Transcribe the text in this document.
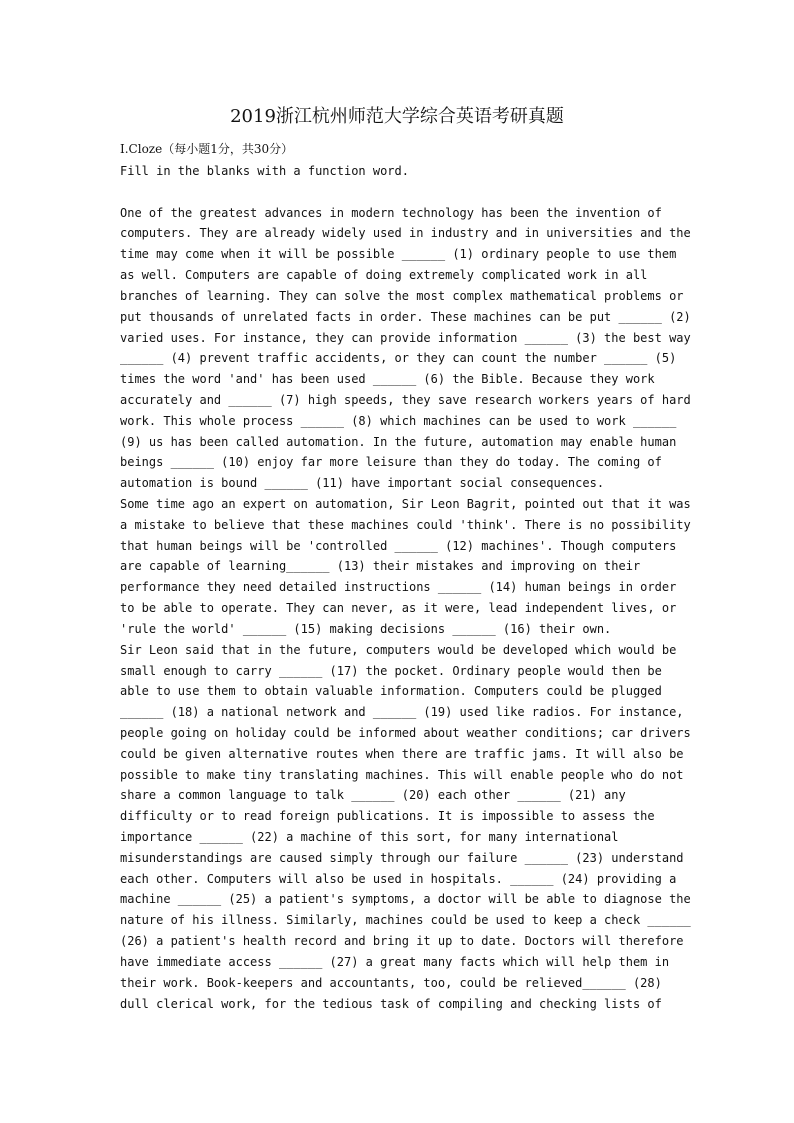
2019浙江杭州师范大学综合英语考研真题
I.Cloze（每小题1分，共30分）
Fill in the blanks with a function word.
One of the greatest advances in modern technology has been the invention of
computers. They are already widely used in industry and in universities and the
time may come when it will be possible ______ (1) ordinary people to use them
as well. Computers are capable of doing extremely complicated work in all
branches of learning. They can solve the most complex mathematical problems or
put thousands of unrelated facts in order. These machines can be put ______ (2)
varied uses. For instance, they can provide information ______ (3) the best way
______ (4) prevent traffic accidents, or they can count the number ______ (5)
times the word 'and' has been used ______ (6) the Bible. Because they work
accurately and ______ (7) high speeds, they save research workers years of hard
work. This whole process ______ (8) which machines can be used to work ______
(9) us has been called automation. In the future, automation may enable human
beings ______ (10) enjoy far more leisure than they do today. The coming of
automation is bound ______ (11) have important social consequences.
Some time ago an expert on automation, Sir Leon Bagrit, pointed out that it was
a mistake to believe that these machines could 'think'. There is no possibility
that human beings will be 'controlled ______ (12) machines'. Though computers
are capable of learning______ (13) their mistakes and improving on their
performance they need detailed instructions ______ (14) human beings in order
to be able to operate. They can never, as it were, lead independent lives, or
'rule the world' ______ (15) making decisions ______ (16) their own.
Sir Leon said that in the future, computers would be developed which would be
small enough to carry ______ (17) the pocket. Ordinary people would then be
able to use them to obtain valuable information. Computers could be plugged
______ (18) a national network and ______ (19) used like radios. For instance,
people going on holiday could be informed about weather conditions; car drivers
could be given alternative routes when there are traffic jams. It will also be
possible to make tiny translating machines. This will enable people who do not
share a common language to talk ______ (20) each other ______ (21) any
difficulty or to read foreign publications. It is impossible to assess the
importance ______ (22) a machine of this sort, for many international
misunderstandings are caused simply through our failure ______ (23) understand
each other. Computers will also be used in hospitals. ______ (24) providing a
machine ______ (25) a patient's symptoms, a doctor will be able to diagnose the
nature of his illness. Similarly, machines could be used to keep a check ______
(26) a patient's health record and bring it up to date. Doctors will therefore
have immediate access ______ (27) a great many facts which will help them in
their work. Book-keepers and accountants, too, could be relieved______ (28)
dull clerical work, for the tedious task of compiling and checking lists of
